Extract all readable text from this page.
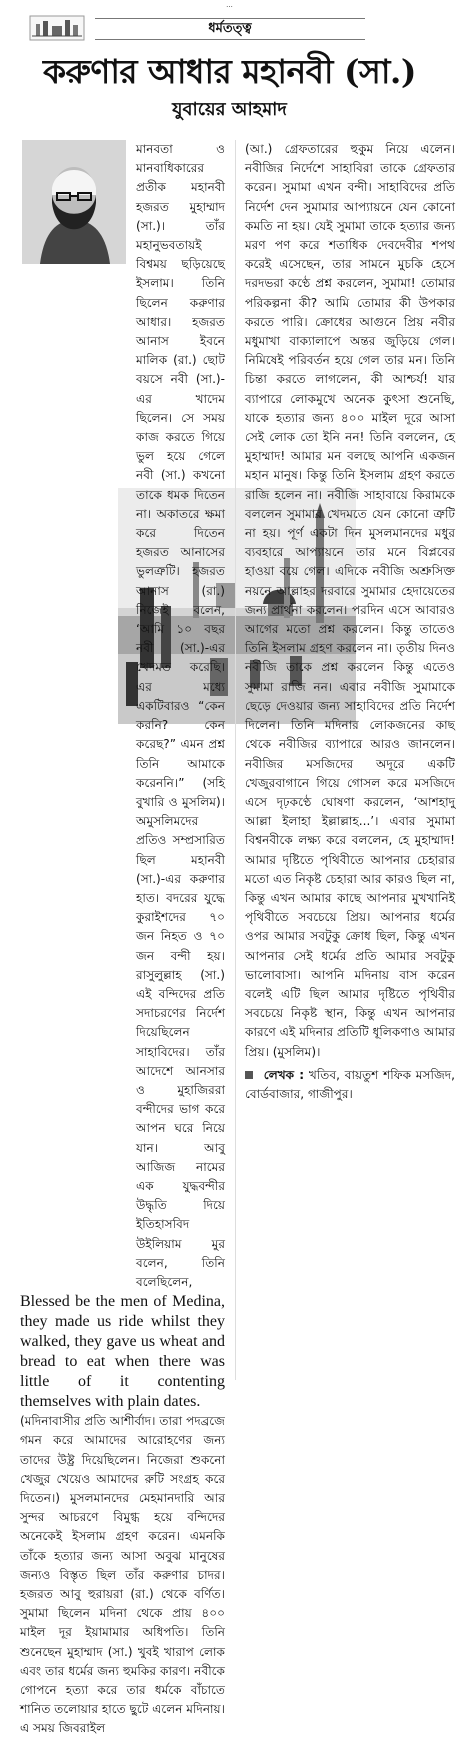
...
ধর্মতত্ত্ব
করুণার আধার মহানবী (সা.)
যুবায়ের আহমাদ
মানবতা ও মানবাধিকারের প্রতীক মহানবী হজরত মুহাম্মাদ (সা.)। তাঁর মহানুভবতায়ই বিশ্বময় ছড়িয়েছে ইসলাম। তিনি ছিলেন করুণার আধার। হজরত আনাস ইবনে মালিক (রা.) ছোট বয়সে নবী (সা.)-এর খাদেম ছিলেন। সে সময় কাজ করতে গিয়ে ভুল হয়ে গেলে নবী (সা.) কখনো তাকে ধমক দিতেন না। অকাতরে ক্ষমা করে দিতেন হজরত আনাসের ভুলত্রুটি। হজরত আনাস (রা.) নিজেই বলেন, ‘আমি ১০ বছর নবী (সা.)-এর খেদমত করেছি। এর মধ্যে একটিবারও “কেন করনি? কেন করেছ?” এমন প্রশ্ন তিনি আমাকে করেননি।” (সহি বুখারি ও মুসলিম)। অমুসলিমদের প্রতিও সম্প্রসারিত ছিল মহানবী (সা.)-এর করুণার হাত। বদরের যুদ্ধে কুরাইশদের ৭০ জন নিহত ও ৭০ জন বন্দী হয়। রাসুলুল্লাহ (সা.) এই বন্দিদের প্রতি সদাচরণের নির্দেশ দিয়েছিলেন সাহাবিদের। তাঁর আদেশে আনসার ও মুহাজিররা বন্দীদের ভাগ করে আপন ঘরে নিয়ে যান। আবু আজিজ নামের এক যুদ্ধবন্দীর উদ্ধৃতি দিয়ে ইতিহাসবিদ উইলিয়াম মুর বলেন, তিনি বলেছিলেন,
Blessed be the men of Medina, they made us ride whilst they walked, they gave us wheat and bread to eat when there was little of it contenting themselves with plain dates.
(মদিনাবাসীর প্রতি আশীর্বাদ। তারা পদব্রজে গমন করে আমাদের আরোহণের জন্য তাদের উষ্ট্র দিয়েছিলেন। নিজেরা শুকনো খেজুর খেয়েও আমাদের রুটি সংগ্রহ করে দিতেন।) মুসলমানদের মেহমানদারি আর সুন্দর আচরণে বিমুগ্ধ হয়ে বন্দিদের অনেকেই ইসলাম গ্রহণ করেন। এমনকি তাঁকে হত্যার জন্য আসা অবুঝ মানুষের জন্যও বিস্তৃত ছিল তাঁর করুণার চাদর। হজরত আবু হুরায়রা (রা.) থেকে বর্ণিত। সুমামা ছিলেন মদিনা থেকে প্রায় ৪০০ মাইল দূর ইয়ামামার অধিপতি। তিনি শুনেছেন মুহাম্মাদ (সা.) খুবই খারাপ লোক এবং তার ধর্মের জন্য হুমকির কারণ। নবীকে গোপনে হত্যা করে তার ধর্মকে বাঁচাতে শানিত তলোয়ার হাতে ছুটে এলেন মদিনায়। এ সময় জিবরাইল
(আ.) গ্রেফতারের হুকুম নিয়ে এলেন। নবীজির নির্দেশে সাহাবিরা তাকে গ্রেফতার করেন। সুমামা এখন বন্দী। সাহাবিদের প্রতি নির্দেশ দেন সুমামার আপ্যায়নে যেন কোনো কমতি না হয়। যেই সুমামা তাকে হত্যার জন্য মরণ পণ করে শতাধিক দেবদেবীর শপথ করেই এসেছেন, তার সামনে মুচকি হেসে দরদভরা কণ্ঠে প্রশ্ন করলেন, সুমামা! তোমার পরিকল্পনা কী? আমি তোমার কী উপকার করতে পারি। ক্রোধের আগুনে প্রিয় নবীর মধুমাখা বাক্যালাপে অন্তর জুড়িয়ে গেল। নিমিষেই পরিবর্তন হয়ে গেল তার মন। তিনি চিন্তা করতে লাগলেন, কী আশ্চর্য! যার ব্যাপারে লোকমুখে অনেক কুৎসা শুনেছি, যাকে হত্যার জন্য ৪০০ মাইল দূরে আসা সেই লোক তো ইনি নন! তিনি বললেন, হে মুহাম্মাদ! আমার মন বলছে আপনি একজন মহান মানুষ। কিন্তু তিনি ইসলাম গ্রহণ করতে রাজি হলেন না। নবীজি সাহাবায়ে কিরামকে বললেন সুমামার খেদমতে যেন কোনো ত্রুটি না হয়। পূর্ণ একটা দিন মুসলমানদের মধুর ব্যবহারে আপ্যায়নে তার মনে বিপ্লবের হাওয়া বয়ে গেল। এদিকে নবীজি অশ্রুসিক্ত নয়নে আল্লাহর দরবারে সুমামার হেদায়েতের জন্য প্রার্থনা করলেন। পরদিন এসে আবারও আগের মতো প্রশ্ন করলেন। কিন্তু তাতেও তিনি ইসলাম গ্রহণ করলেন না। তৃতীয় দিনও নবীজি তাকে প্রশ্ন করলেন কিন্তু এতেও সুমামা রাজি নন। এবার নবীজি সুমামাকে ছেড়ে দেওয়ার জন্য সাহাবিদের প্রতি নির্দেশ দিলেন। তিনি মদিনার লোকজনের কাছ থেকে নবীজির ব্যাপারে আরও জানলেন। নবীজির মসজিদের অদূরে একটি খেজুরবাগানে গিয়ে গোসল করে মসজিদে এসে দৃঢ়কণ্ঠে ঘোষণা করলেন, ‘আশহাদু আল্লা ইলাহা ইল্লাল্লাহ...’। এবার সুমামা বিশ্বনবীকে লক্ষ্য করে বললেন, হে মুহাম্মাদ! আমার দৃষ্টিতে পৃথিবীতে আপনার চেহারার মতো এত নিকৃষ্ট চেহারা আর কারও ছিল না, কিন্তু এখন আমার কাছে আপনার মুখখানিই পৃথিবীতে সবচেয়ে প্রিয়। আপনার ধর্মের ওপর আমার সবটুকু ক্রোধ ছিল, কিন্তু এখন আপনার সেই ধর্মের প্রতি আমার সবটুকু ভালোবাসা। আপনি মদিনায় বাস করেন বলেই এটি ছিল আমার দৃষ্টিতে পৃথিবীর সবচেয়ে নিকৃষ্ট স্থান, কিন্তু এখন আপনার কারণে এই মদিনার প্রতিটি ধূলিকণাও আমার প্রিয়। (মুসলিম)।
লেখক : খতিব, বায়তুশ শফিক মসজিদ, বোর্ডবাজার, গাজীপুর।
